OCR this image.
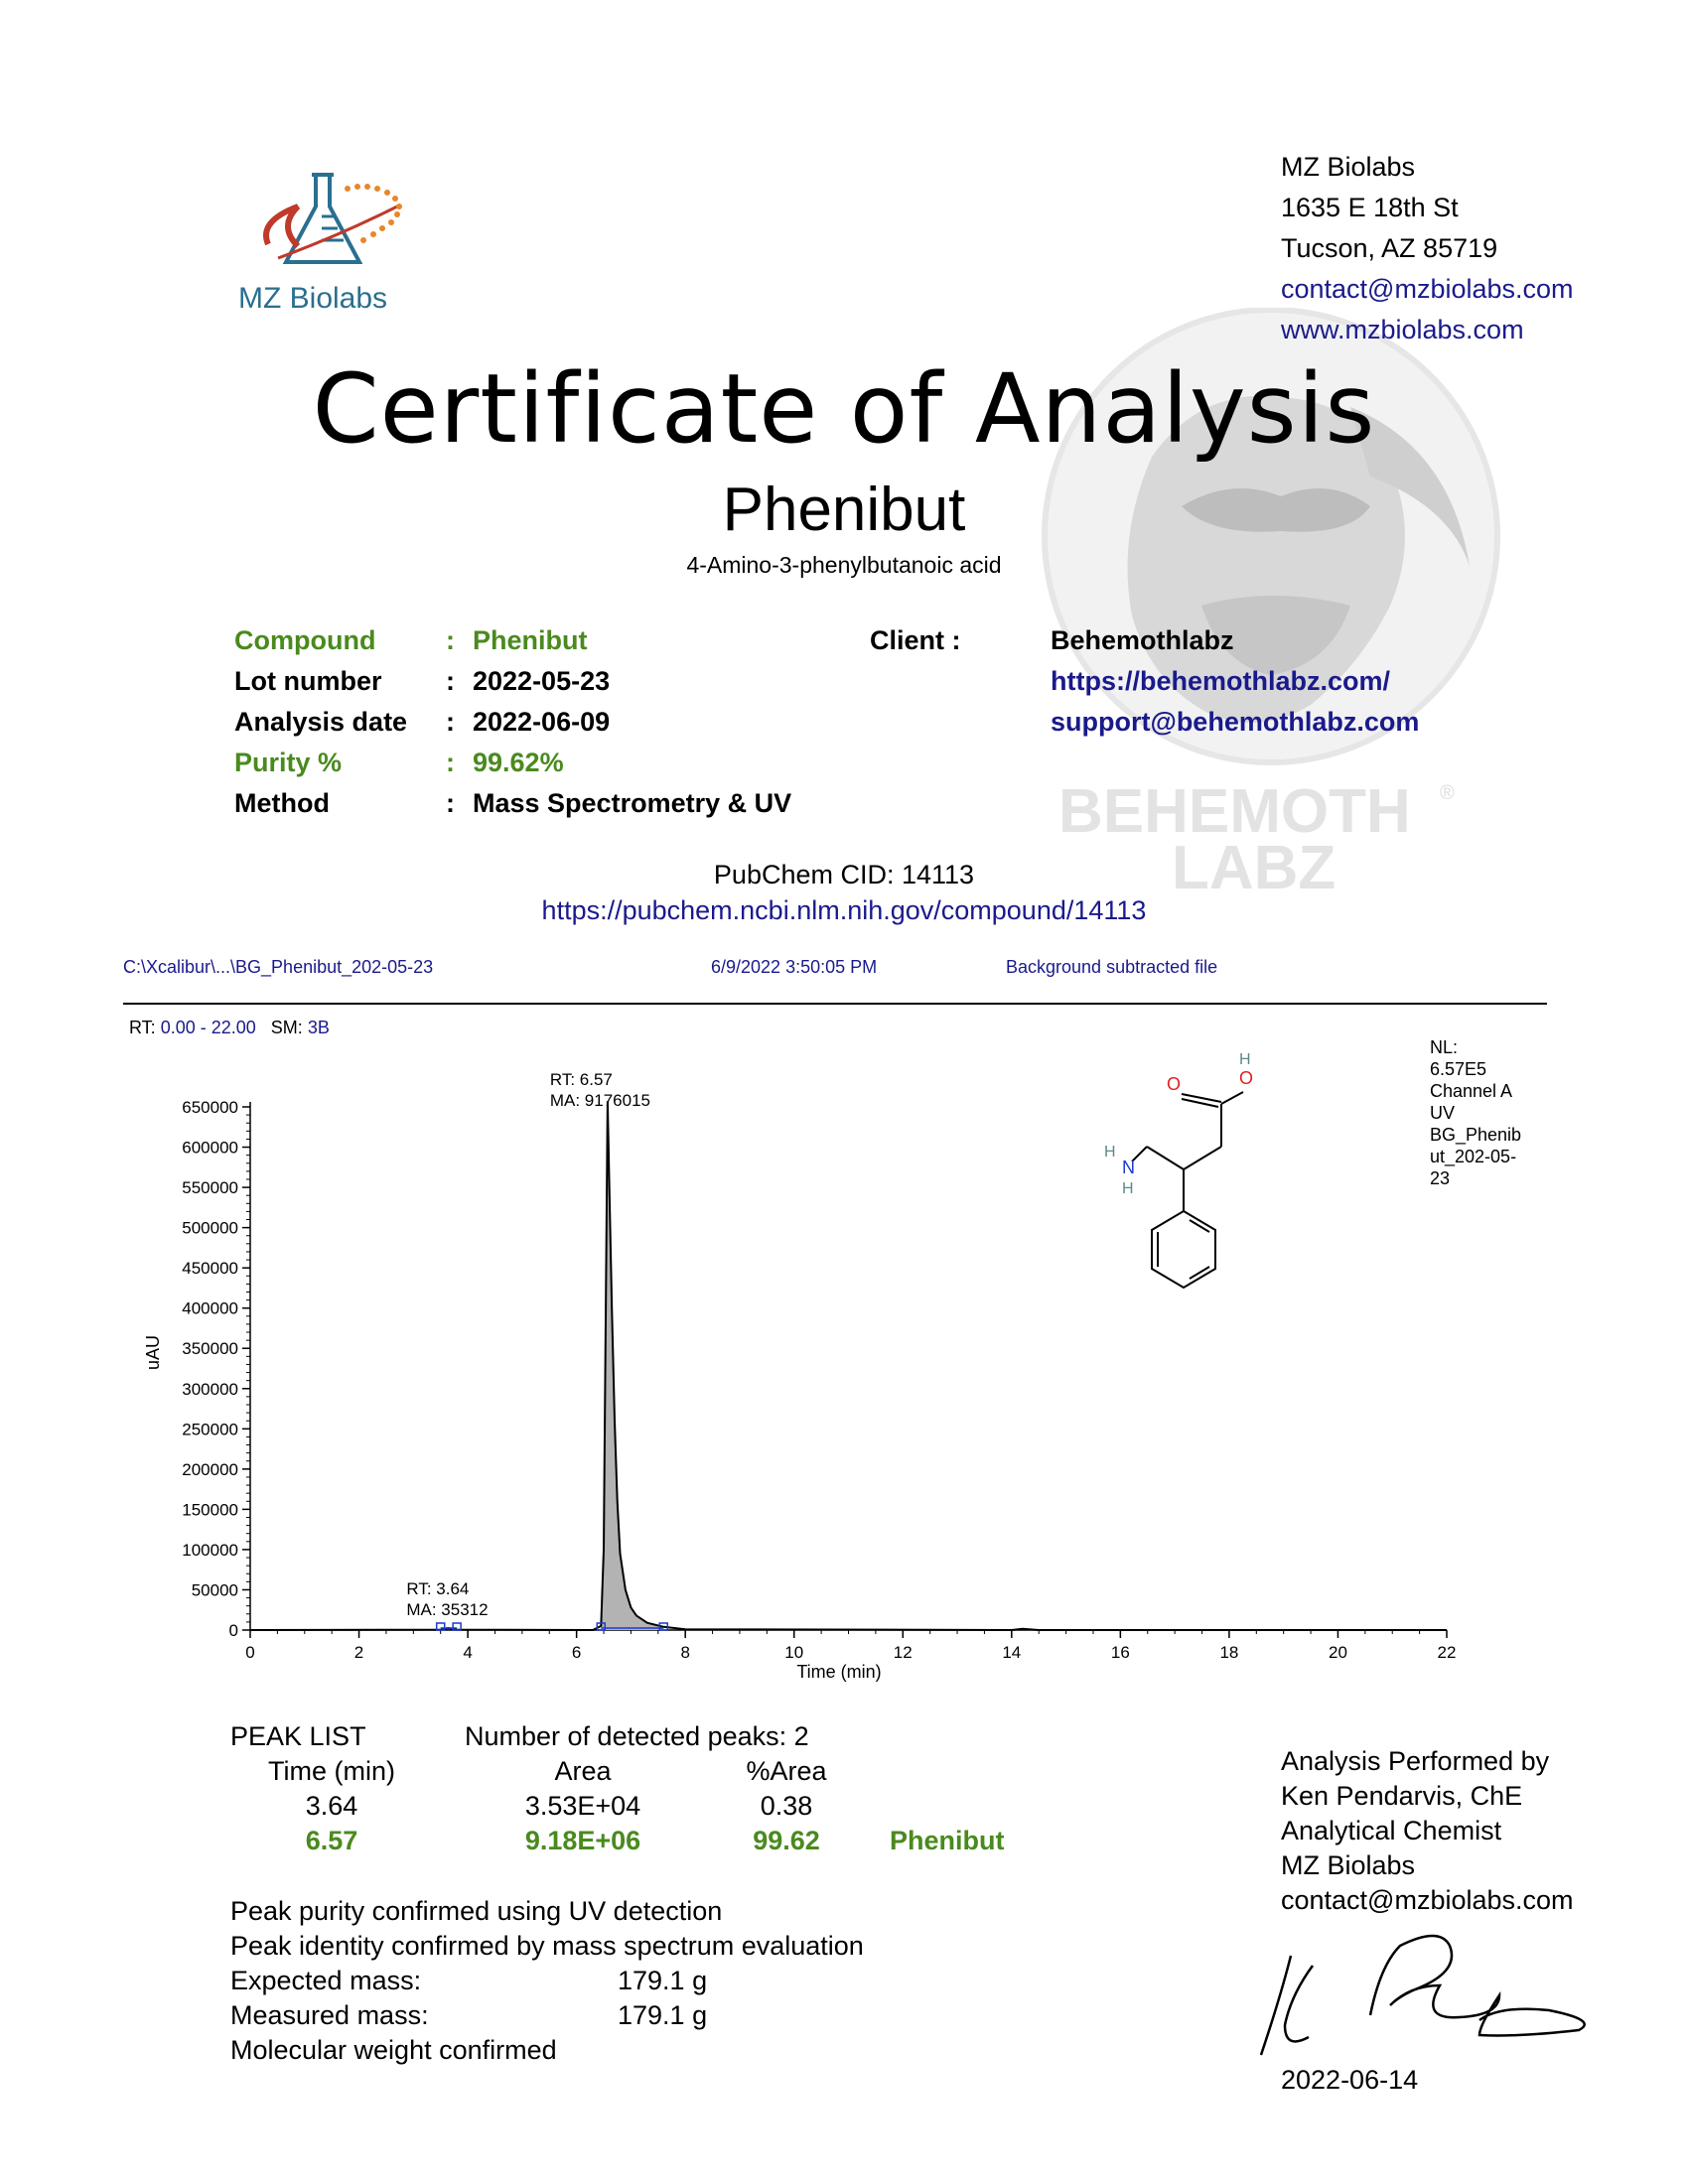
BEHEMOTH
LABZ
®
MZ Biolabs
MZ Biolabs
1635 E 18th St
Tucson, AZ 85719
contact@mzbiolabs.com
www.mzbiolabs.com
Certificate of Analysis
Phenibut
4-Amino-3-phenylbutanoic acid
Compound	: Phenibut
Lot number : 2022-05-23
Analysis date : 2022-06-09
Purity %	: 99.62%
Method	: Mass Spectrometry & UV
Client :	Behemothlabz
https://behemothlabz.com/
support@behemothlabz.com
PubChem CID: 14113
https://pubchem.ncbi.nlm.nih.gov/compound/14113
C:\Xcalibur\...\BG_Phenibut_202-05-23	6/9/2022 3:50:05 PM	Background subtracted file
RT: 0.00 - 22.00 SM: 3B
0
50000
100000
150000
200000
250000
300000
350000
400000
450000
500000
550000
600000
650000
0	2	4	6	8	10	12	14	16	18	20	22
RT: 6.57
MA: 9176015
RT: 3.64
MA: 35312
uAU
Time (min)
H
O
O
H
N
H
NL:
6.57E5
Channel A
UV
BG_Phenib
ut_202-05-
23
PEAK LIST	Number of detected peaks: 2
Time (min)	Area	%Area
3.64	3.53E+04	0.38
6.57	9.18E+06	99.62	Phenibut
Peak purity confirmed using UV detection
Peak identity confirmed by mass spectrum evaluation
Expected mass:	179.1 g
Measured mass:	179.1 g
Molecular weight confirmed
Analysis Performed by
Ken Pendarvis, ChE
Analytical Chemist
MZ Biolabs
contact@mzbiolabs.com
2022-06-14
